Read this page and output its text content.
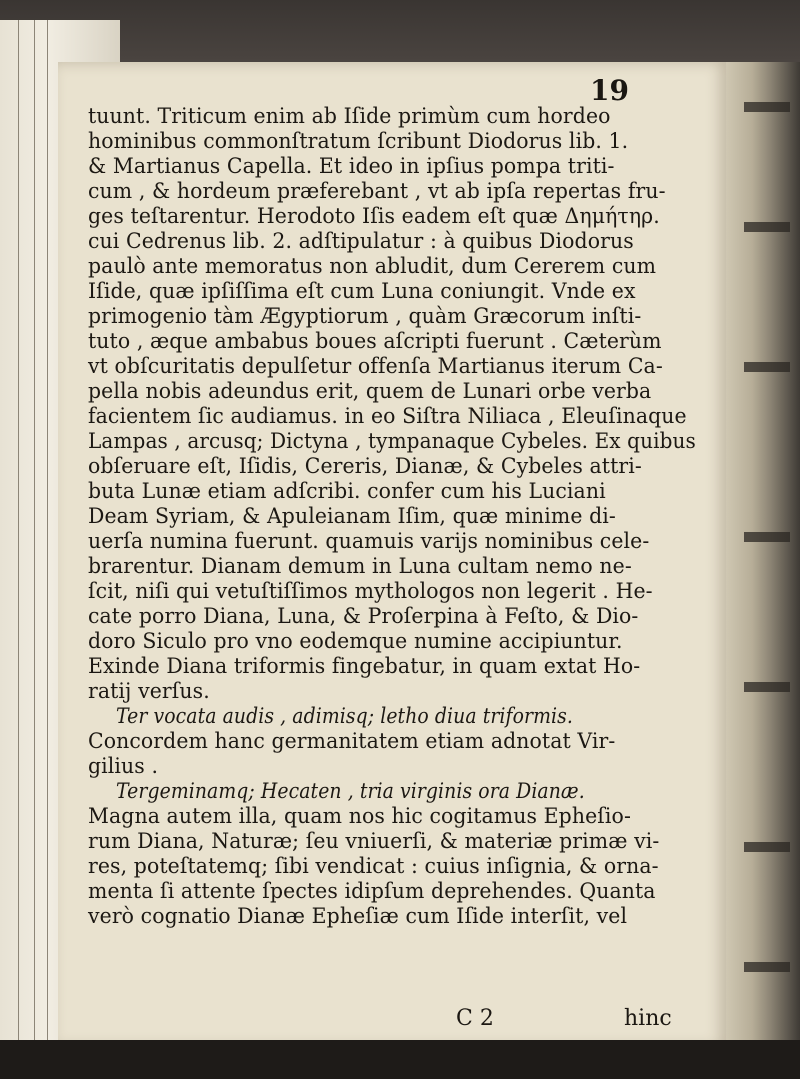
19
tuunt. Triticum enim ab Iſide primùm cum hordeo
hominibus commonſtratum ſcribunt Diodorus lib. 1.
& Martianus Capella. Et ideo in ipſius pompa triti-
cum , & hordeum præferebant , vt ab ipſa repertas fru-
ges teſtarentur. Herodoto Iſis eadem eſt quæ Δημήτηρ.
cui Cedrenus lib. 2. adſtipulatur : à quibus Diodorus
paulò ante memoratus non abludit, dum Cererem cum
Iſide, quæ ipſiſſima eſt cum Luna coniungit. Vnde ex
primogenio tàm Ægyptiorum , quàm Græcorum inſti-
tuto , æque ambabus boues aſcripti fuerunt . Cæterùm
vt obſcuritatis depulſetur offenſa Martianus iterum Ca-
pella nobis adeundus erit, quem de Lunari orbe verba
facientem ſic audiamus. in eo Siſtra Niliaca , Eleuſinaque
Lampas , arcusq; Dictyna , tympanaque Cybeles. Ex quibus
obſeruare eſt, Iſidis, Cereris, Dianæ, & Cybeles attri-
buta Lunæ etiam adſcribi. confer cum his Luciani
Deam Syriam, & Apuleianam Iſim, quæ minime di-
uerſa numina fuerunt. quamuis varijs nominibus cele-
brarentur. Dianam demum in Luna cultam nemo ne-
ſcit, niſi qui vetuſtiſſimos mythologos non legerit . He-
cate porro Diana, Luna, & Proſerpina à Feſto, & Dio-
doro Siculo pro vno eodemque numine accipiuntur.
Exinde Diana triformis fingebatur, in quam extat Ho-
ratij verſus.
Ter vocata audis , adimisq; letho diua triformis.
Concordem hanc germanitatem etiam adnotat Vir-
gilius .
Tergeminamq; Hecaten , tria virginis ora Dianæ.
Magna autem illa, quam nos hic cogitamus Epheſio-
rum Diana, Naturæ; ſeu vniuerſi, & materiæ primæ vi-
res, poteſtatemq; ſibi vendicat : cuius inſignia, & orna-
menta ſi attente ſpectes idipſum deprehendes. Quanta
verò cognatio Dianæ Epheſiæ cum Iſide interſit, vel
C 2	hinc
